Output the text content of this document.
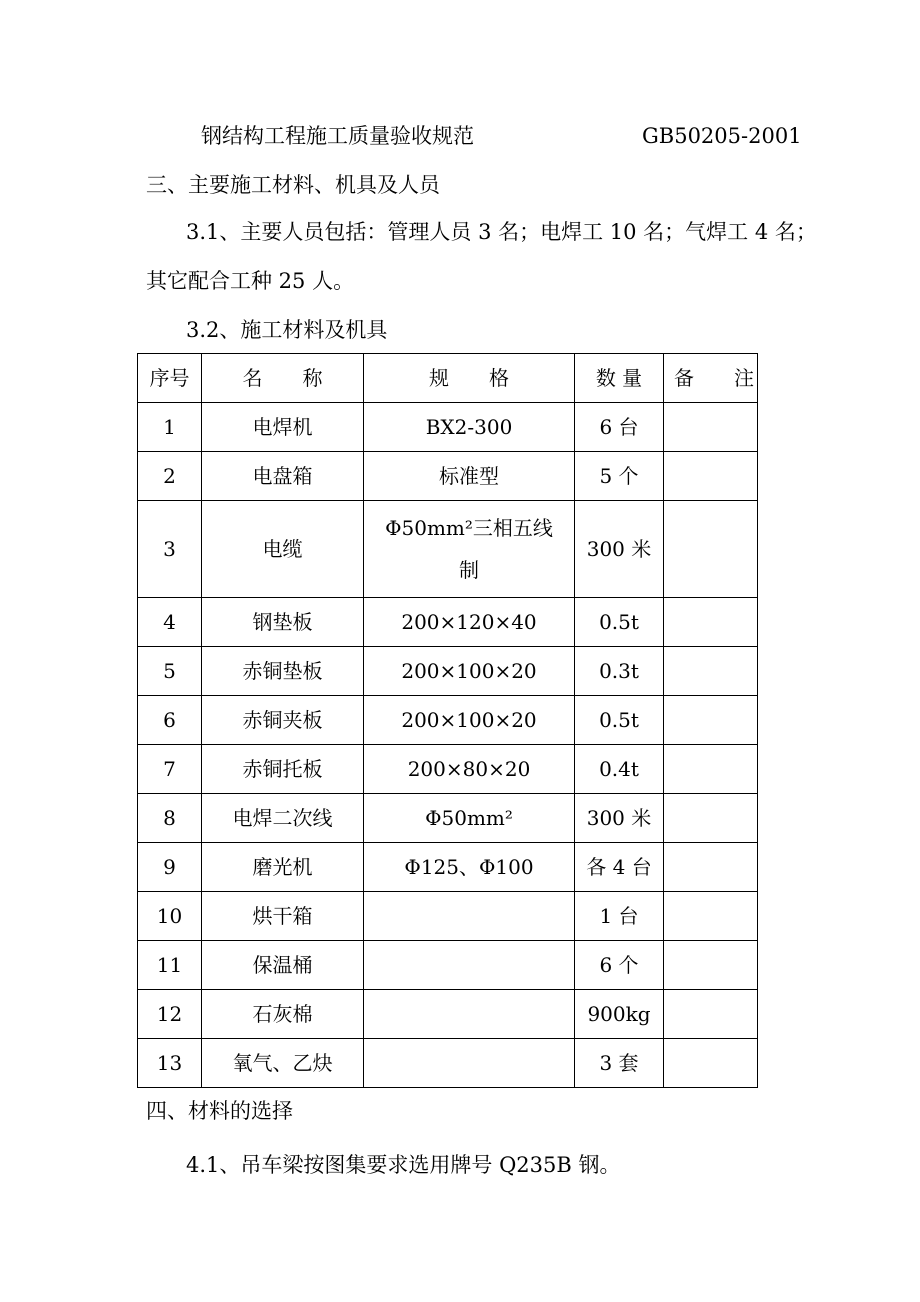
钢结构工程施工质量验收规范	GB50205-2001
三、主要施工材料、机具及人员
3.1、主要人员包括：管理人员 3 名；电焊工 10 名；气焊工 4 名；
其它配合工种 25 人。
3.2、施工材料及机具
序号	名　　称	规　　格	数 量	备　　注
1	电焊机	BX2-300	6 台	
2	电盘箱	标准型	5 个	
3	电缆	Φ50mm²三相五线制	300 米	
4	钢垫板	200×120×40	0.5t	
5	赤铜垫板	200×100×20	0.3t	
6	赤铜夹板	200×100×20	0.5t	
7	赤铜托板	200×80×20	0.4t	
8	电焊二次线	Φ50mm²	300 米	
9	磨光机	Φ125、Φ100	各 4 台	
10	烘干箱		1 台	
11	保温桶		6 个	
12	石灰棉		900kg	
13	氧气、乙炔		3 套	
四、材料的选择
4.1、吊车梁按图集要求选用牌号 Q235B 钢。
